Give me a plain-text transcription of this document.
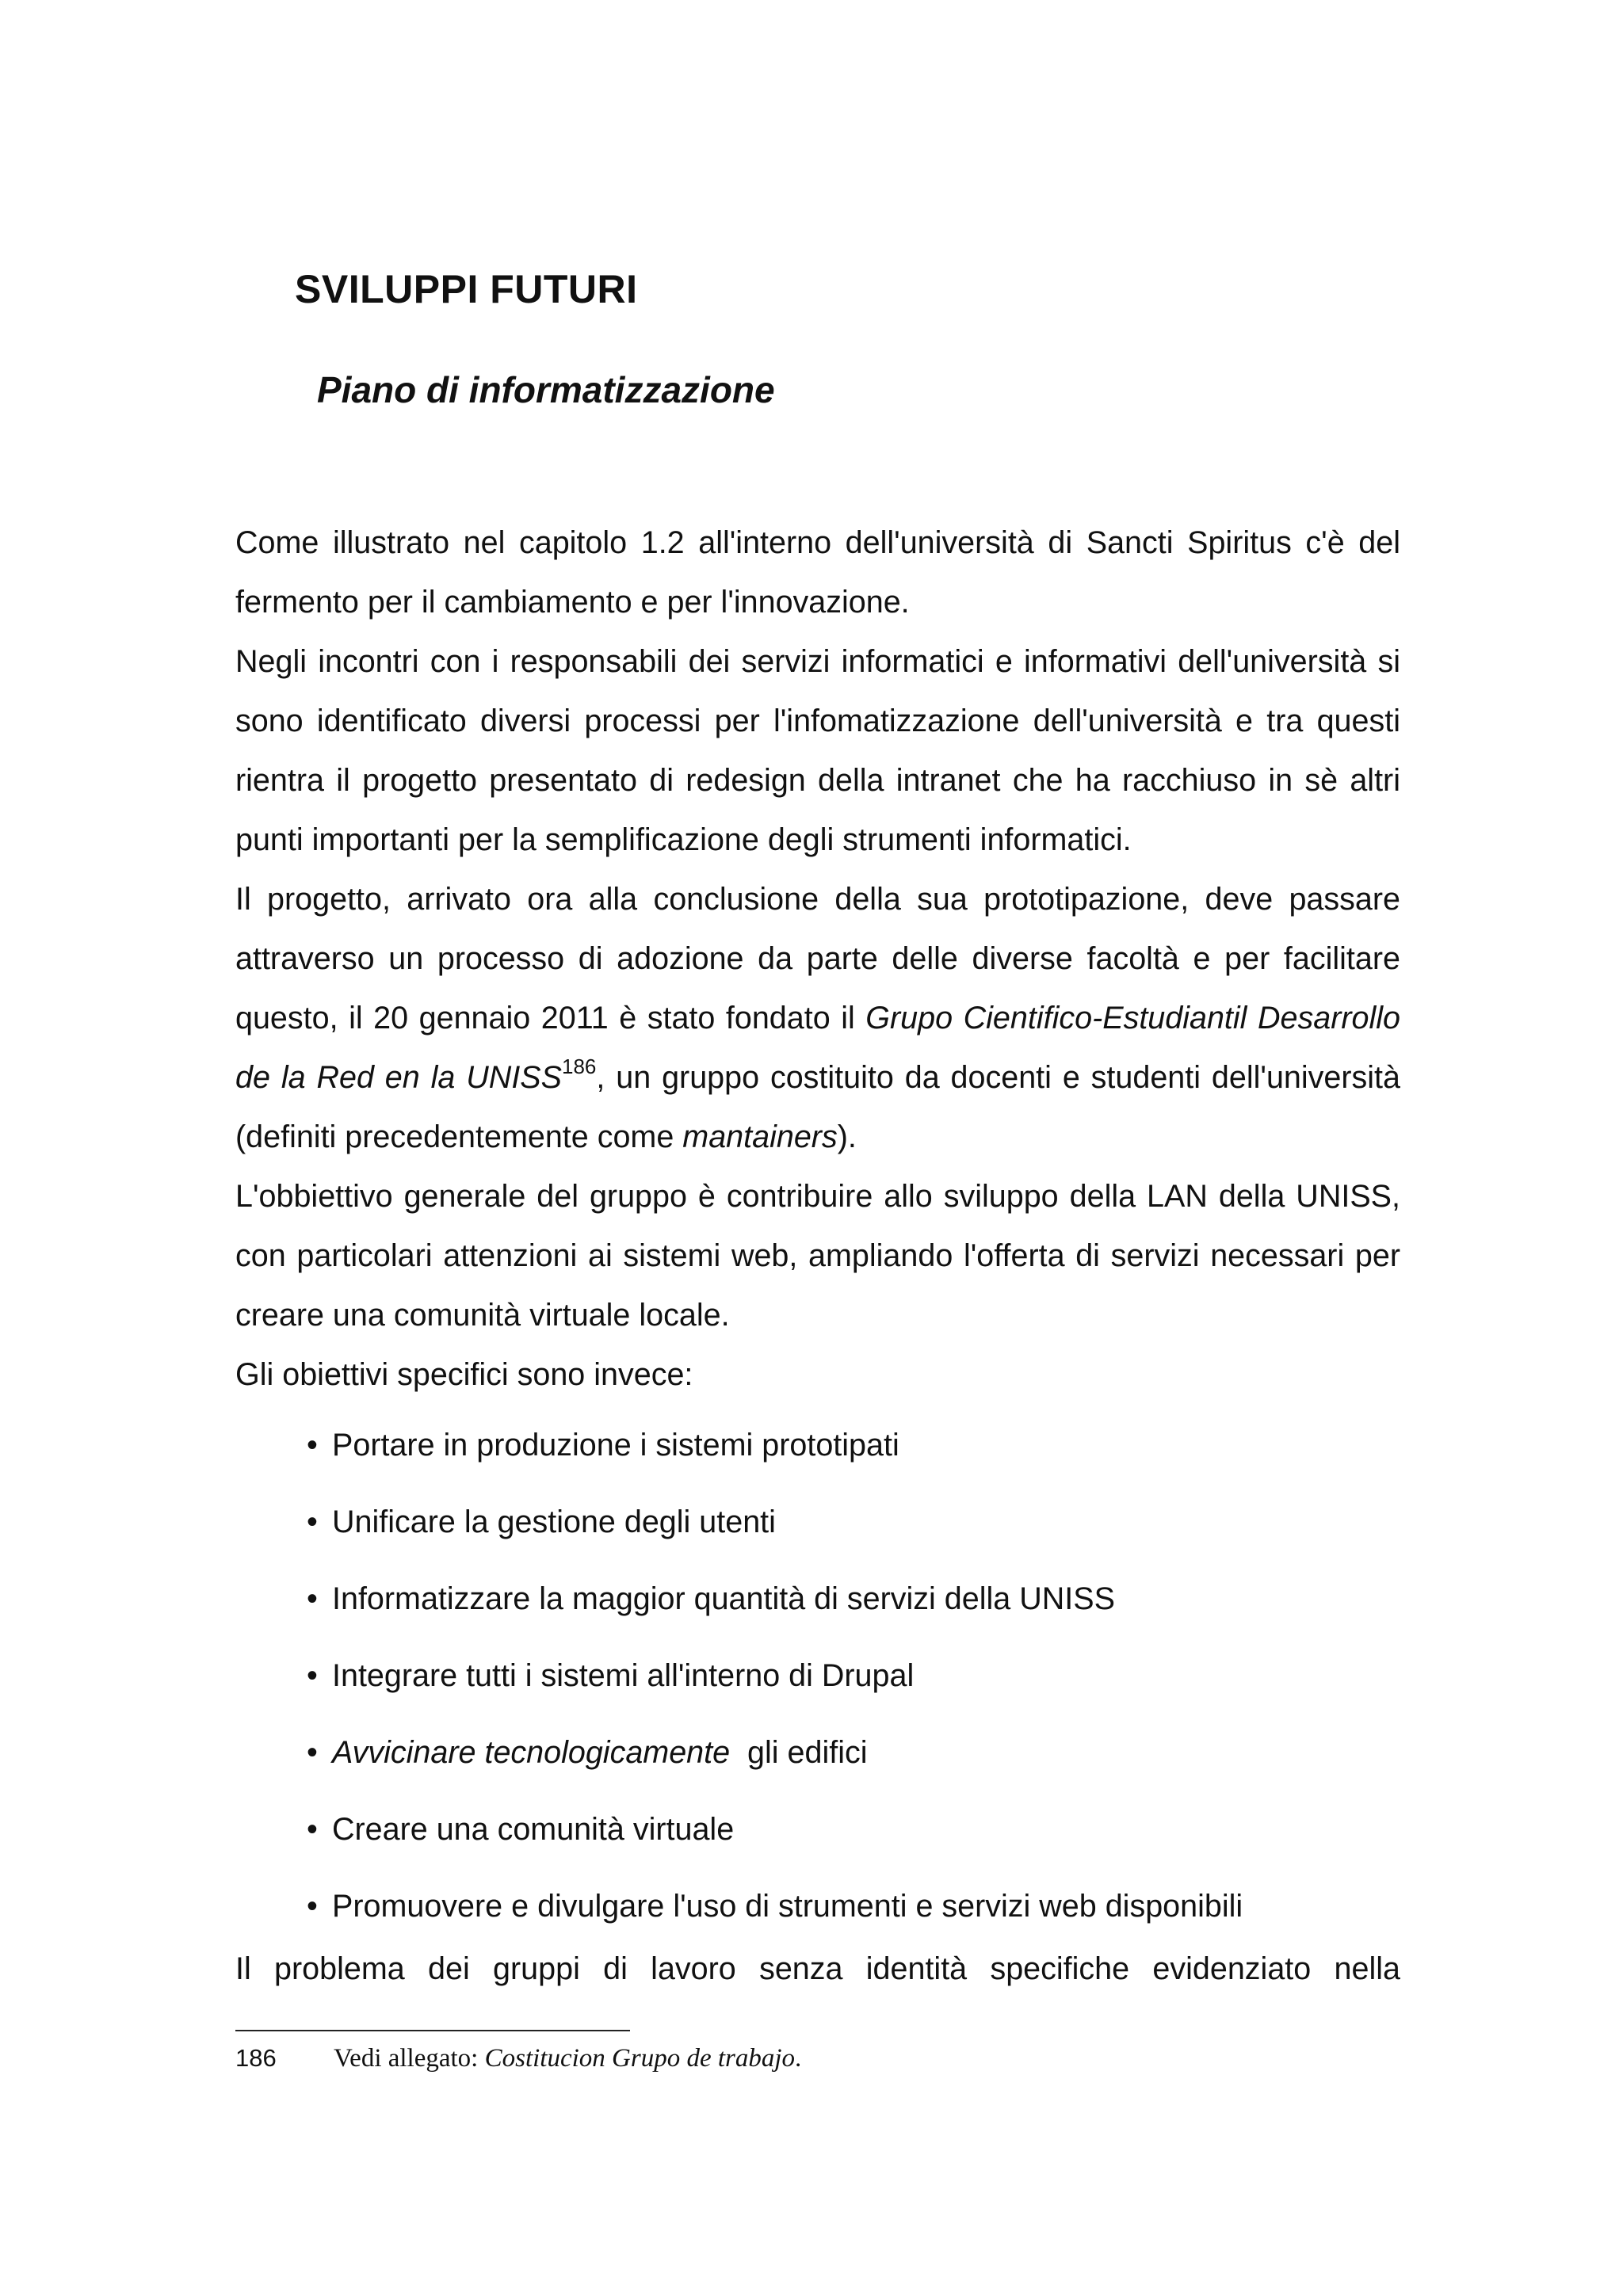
SVILUPPI FUTURI
Piano di informatizzazione

Come illustrato nel capitolo 1.2 all'interno dell'università di Sancti Spiritus c'è del fermento per il cambiamento e per l'innovazione.

Negli incontri con i responsabili dei servizi informatici e informativi dell'università si sono identificato diversi processi per l'infomatizzazione dell'università e tra questi rientra il progetto presentato di redesign della intranet che ha racchiuso in sè altri punti importanti per la semplificazione degli strumenti informatici.

Il progetto, arrivato ora alla conclusione della sua prototipazione, deve passare attraverso un processo di adozione da parte delle diverse facoltà e per facilitare questo, il 20 gennaio 2011 è stato fondato il Grupo Cientifico-Estudiantil Desarrollo de la Red en la UNISS$^{186}$, un gruppo costituito da docenti e studenti dell'università (definiti precedentemente come mantainers).

L'obbiettivo generale del gruppo è contribuire allo sviluppo della LAN della UNISS, con particolari attenzioni ai sistemi web, ampliando l'offerta di servizi necessari per creare una comunità virtuale locale.

Gli obiettivi specifici sono invece:

• Portare in produzione i sistemi prototipati
• Unificare la gestione degli utenti
• Informatizzare la maggior quantità di servizi della UNISS
• Integrare tutti i sistemi all'interno di Drupal
• Avvicinare tecnologicamente  gli edifici
• Creare una comunità virtuale
• Promuovere e divulgare l'uso di strumenti e servizi web disponibili

Il problema dei gruppi di lavoro senza identità specifiche evidenziato nella

186 Vedi allegato: Costitucion Grupo de trabajo.
